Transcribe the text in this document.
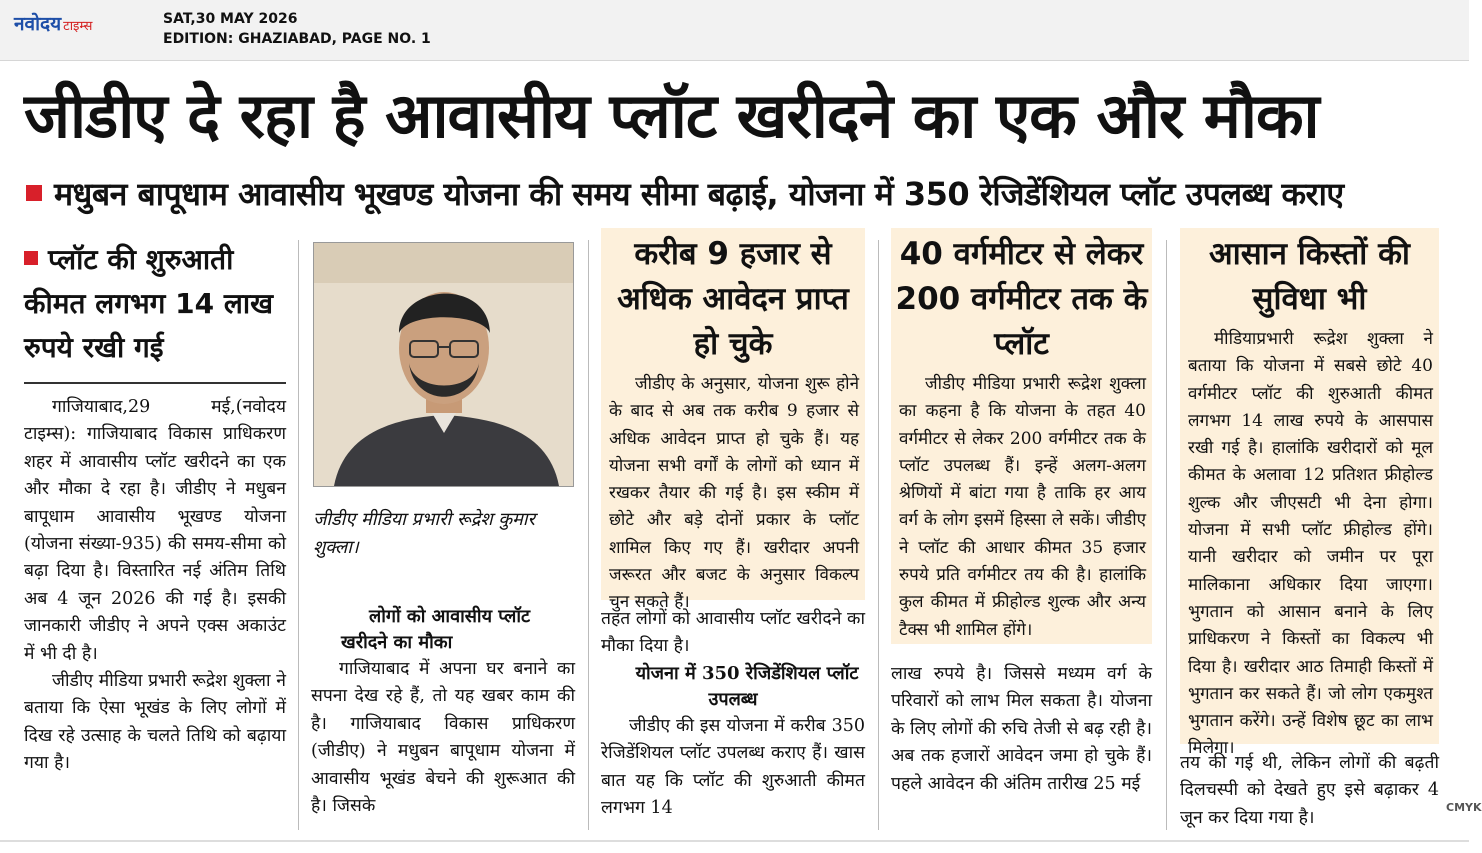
नवोदय टाइम्स	SAT,30 MAY 2026
EDITION: GHAZIABAD, PAGE NO. 1
जीडीए दे रहा है आवासीय प्लॉट खरीदने का एक और मौका
मधुबन बापूधाम आवासीय भूखण्ड योजना की समय सीमा बढ़ाई, योजना में 350 रेजिडेंशियल प्लॉट उपलब्ध कराए
प्लॉट की शुरुआती कीमत लगभग 14 लाख रुपये रखी गई

गाजियाबाद,29 मई,(नवोदय टाइम्स): गाजियाबाद विकास प्राधिकरण शहर में आवासीय प्लॉट खरीदने का एक और मौका दे रहा है। जीडीए ने मधुबन बापूधाम आवासीय भूखण्ड योजना (योजना संख्या-935) की समय-सीमा को बढ़ा दिया है। विस्तारित नई अंतिम तिथि अब 4 जून 2026 की गई है। इसकी जानकारी जीडीए ने अपने एक्स अकाउंट में भी दी है।

जीडीए मीडिया प्रभारी रूद्रेश शुक्ला ने बताया कि ऐसा भूखंड के लिए लोगों में दिख रहे उत्साह के चलते तिथि को बढ़ाया गया है।

जीडीए मीडिया प्रभारी रूद्रेश कुमार शुक्ला।

लोगों को आवासीय प्लॉट खरीदने का मौका

गाजियाबाद में अपना घर बनाने का सपना देख रहे हैं, तो यह खबर काम की है। गाजियाबाद विकास प्राधिकरण (जीडीए) ने मधुबन बापूधाम योजना में आवासीय भूखंड बेचने की शुरूआत की है। जिसके

करीब 9 हजार से अधिक आवेदन प्राप्त हो चुके

जीडीए के अनुसार, योजना शुरू होने के बाद से अब तक करीब 9 हजार से अधिक आवेदन प्राप्त हो चुके हैं। यह योजना सभी वर्गों के लोगों को ध्यान में रखकर तैयार की गई है। इस स्कीम में छोटे और बड़े दोनों प्रकार के प्लॉट शामिल किए गए हैं। खरीदार अपनी जरूरत और बजट के अनुसार विकल्प चुन सकते हैं।

तहत लोगों को आवासीय प्लॉट खरीदने का मौका दिया है।

योजना में 350 रेजिडेंशियल प्लॉट उपलब्ध

जीडीए की इस योजना में करीब 350 रेजिडेंशियल प्लॉट उपलब्ध कराए हैं। खास बात यह कि प्लॉट की शुरुआती कीमत लगभग 14

40 वर्गमीटर से लेकर 200 वर्गमीटर तक के प्लॉट

जीडीए मीडिया प्रभारी रूद्रेश शुक्ला का कहना है कि योजना के तहत 40 वर्गमीटर से लेकर 200 वर्गमीटर तक के प्लॉट उपलब्ध हैं। इन्हें अलग-अलग श्रेणियों में बांटा गया है ताकि हर आय वर्ग के लोग इसमें हिस्सा ले सकें। जीडीए ने प्लॉट की आधार कीमत 35 हजार रुपये प्रति वर्गमीटर तय की है। हालांकि कुल कीमत में फ्रीहोल्ड शुल्क और अन्य टैक्स भी शामिल होंगे।

लाख रुपये है। जिससे मध्यम वर्ग के परिवारों को लाभ मिल सकता है। योजना के लिए लोगों की रुचि तेजी से बढ़ रही है। अब तक हजारों आवेदन जमा हो चुके हैं। पहले आवेदन की अंतिम तारीख 25 मई

आसान किस्तों की सुविधा भी

मीडियाप्रभारी रूद्रेश शुक्ला ने बताया कि योजना में सबसे छोटे 40 वर्गमीटर प्लॉट की शुरुआती कीमत लगभग 14 लाख रुपये के आसपास रखी गई है। हालांकि खरीदारों को मूल कीमत के अलावा 12 प्रतिशत फ्रीहोल्ड शुल्क और जीएसटी भी देना होगा। योजना में सभी प्लॉट फ्रीहोल्ड होंगे। यानी खरीदार को जमीन पर पूरा मालिकाना अधिकार दिया जाएगा। भुगतान को आसान बनाने के लिए प्राधिकरण ने किस्तों का विकल्प भी दिया है। खरीदार आठ तिमाही किस्तों में भुगतान कर सकते हैं। जो लोग एकमुश्त भुगतान करेंगे। उन्हें विशेष छूट का लाभ मिलेगा।

तय की गई थी, लेकिन लोगों की बढ़ती दिलचस्पी को देखते हुए इसे बढ़ाकर 4 जून कर दिया गया है।

CMYK
